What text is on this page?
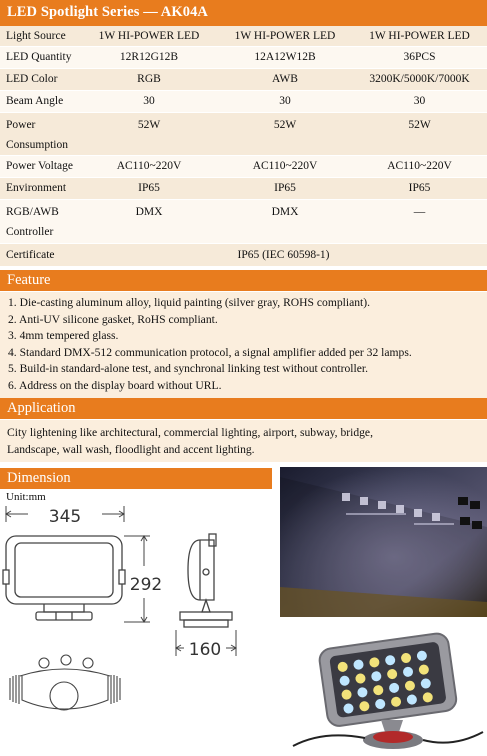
LED Spotlight Series — AK04A
Light Source	1W HI-POWER LED	1W HI-POWER LED	1W HI-POWER LED
LED Quantity	12R12G12B	12A12W12B	36PCS
LED Color	RGB	AWB	3200K/5000K/7000K
Beam Angle	30	30	30
Power
Consumption	52W	52W	52W
Power Voltage	AC110~220V	AC110~220V	AC110~220V
Environment	IP65	IP65	IP65
RGB/AWB
Controller	DMX	DMX	—
Certificate	IP65 (IEC 60598-1)		
Feature
1. Die-casting aluminum alloy, liquid painting (silver gray, ROHS compliant).
2. Anti-UV silicone gasket, RoHS compliant.
3. 4mm tempered glass.
4. Standard DMX-512 communication protocol, a signal amplifier added per 32 lamps.
5. Build-in standard-alone test, and synchronal linking test without controller.
6. Address on the display board without URL.
Application

City lightening like architectural, commercial lighting, airport, subway, bridge,

Landscape, wall wash, floodlight and accent lighting.

Dimension
Unit:mm
345
292
160
